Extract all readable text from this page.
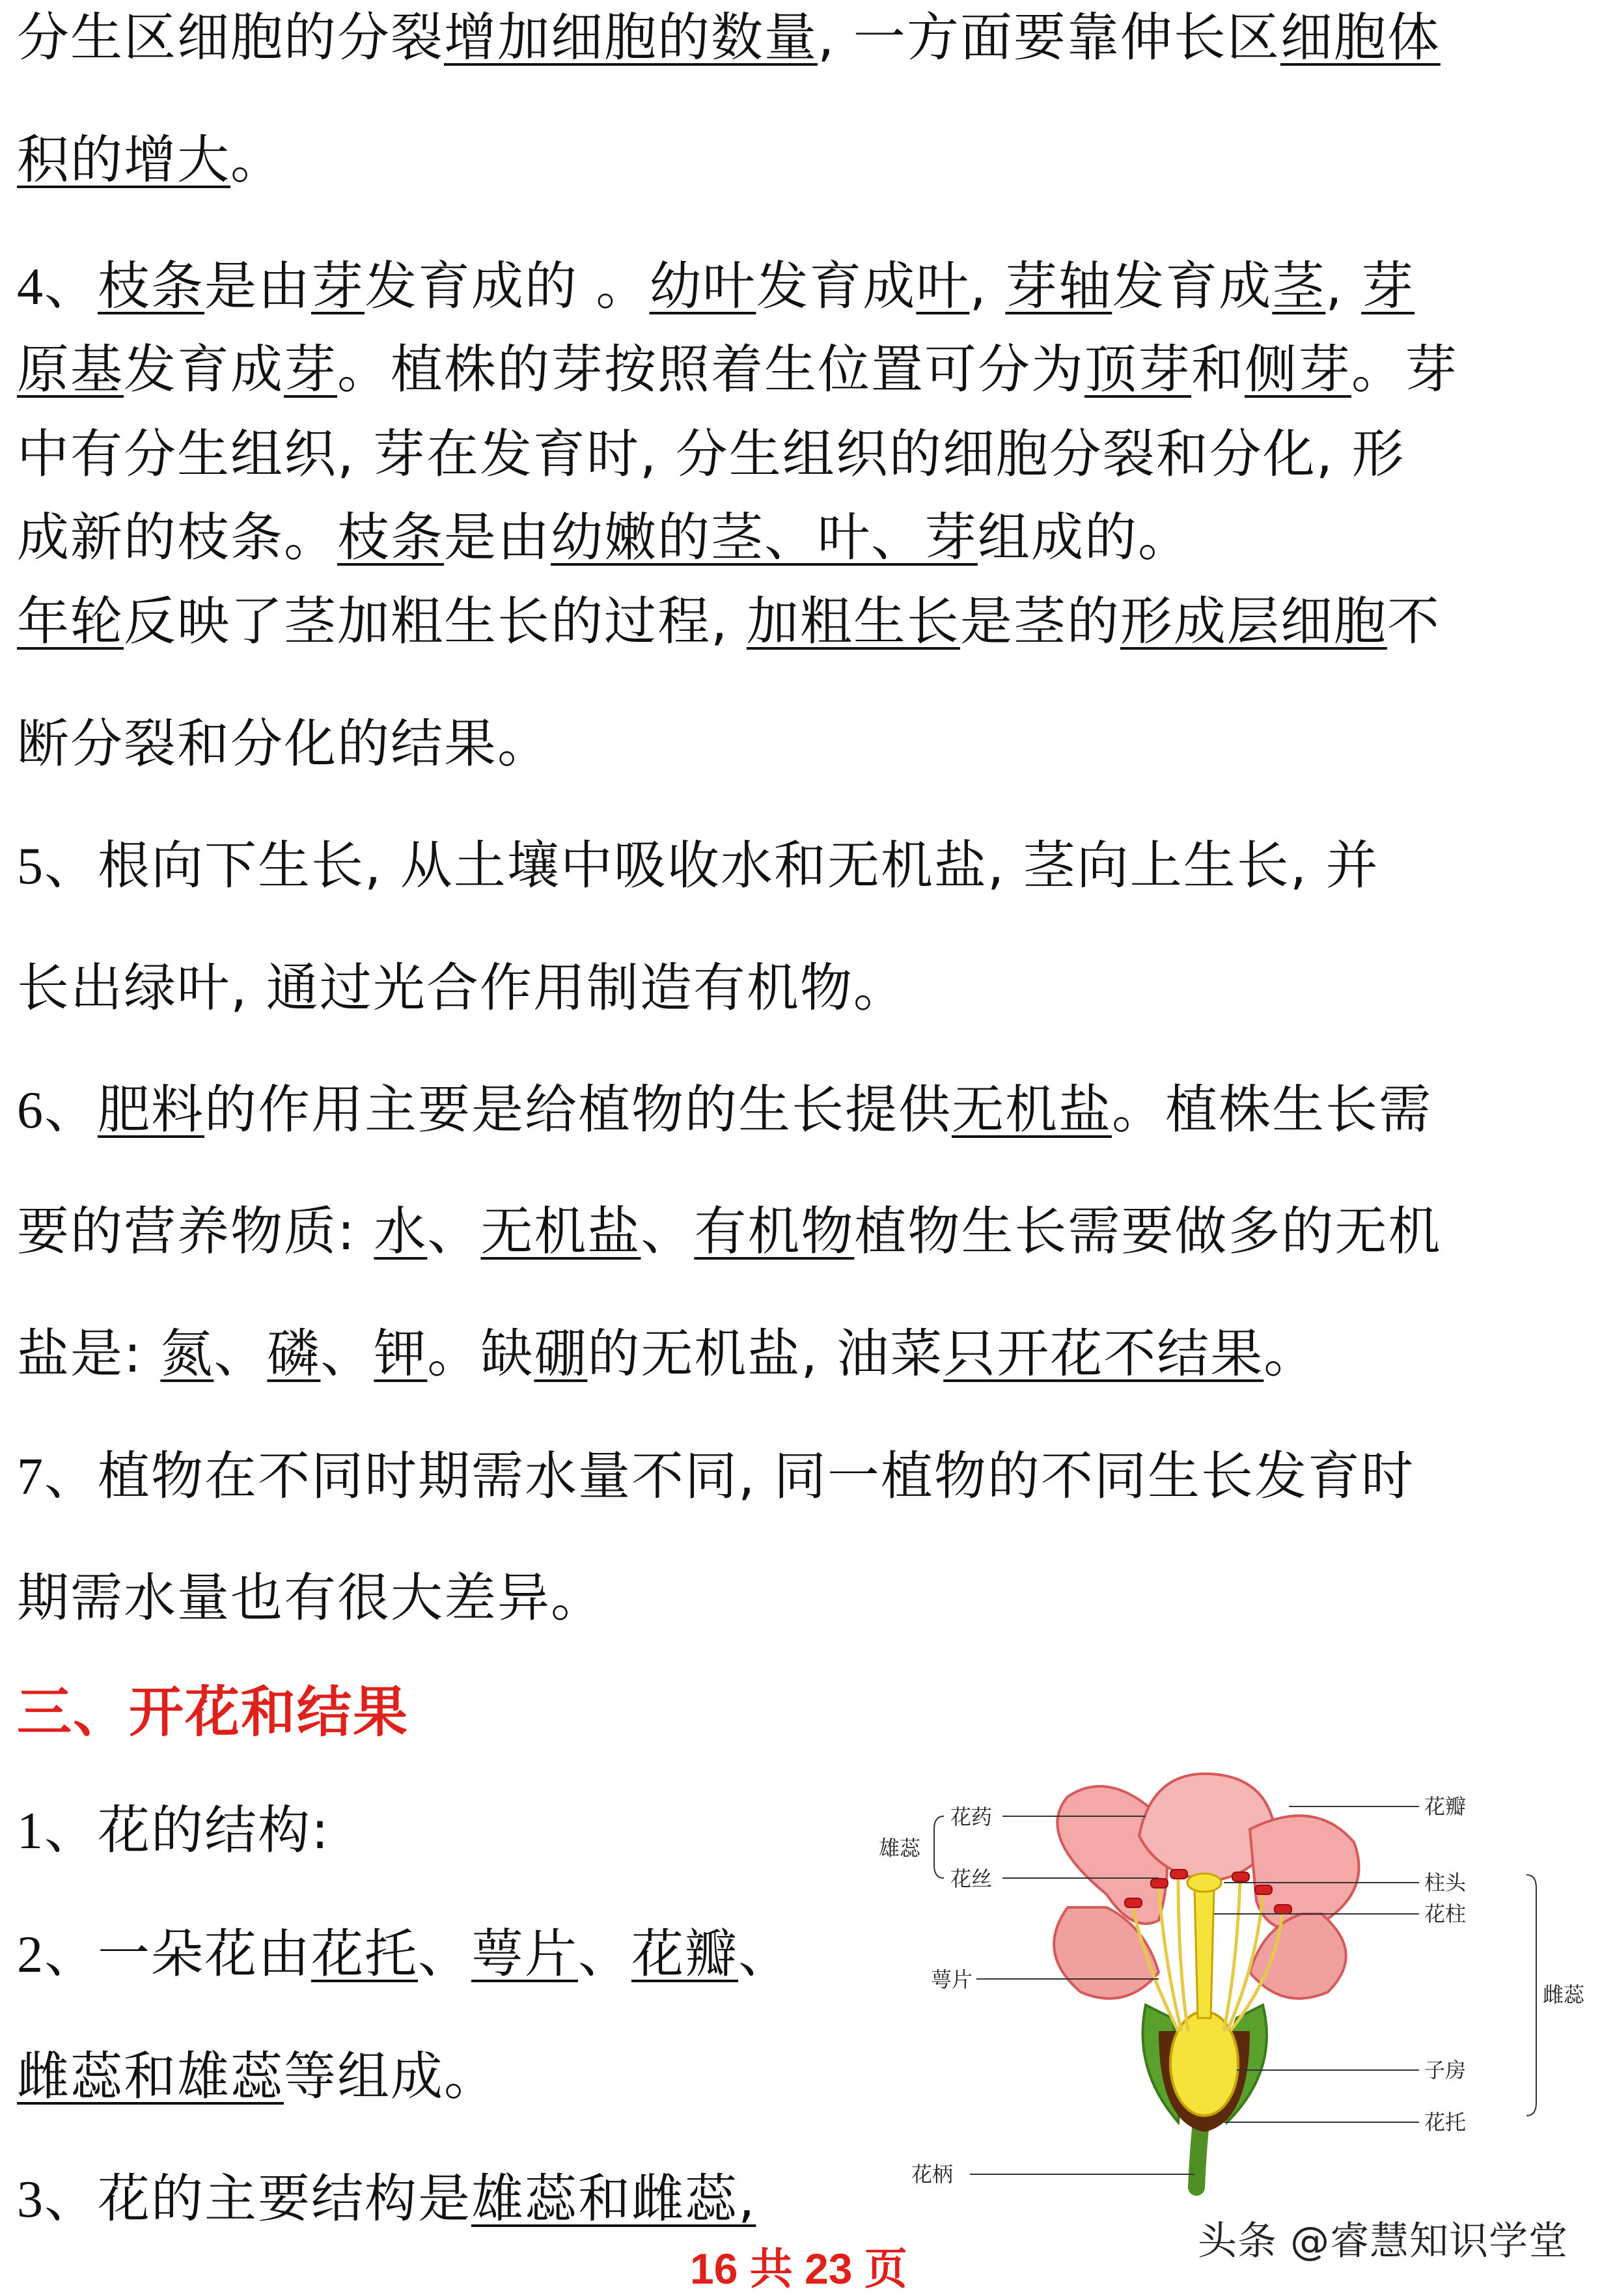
分生区细胞的分裂增加细胞的数量, 一方面要靠伸长区细胞体
积的增大。
4、枝条是由芽发育成的 。幼叶发育成叶, 芽轴发育成茎, 芽
原基发育成芽。植株的芽按照着生位置可分为顶芽和侧芽。芽
中有分生组织, 芽在发育时, 分生组织的细胞分裂和分化, 形
成新的枝条。枝条是由幼嫩的茎、叶、芽组成的。
年轮反映了茎加粗生长的过程, 加粗生长是茎的形成层细胞不
断分裂和分化的结果。
5、根向下生长, 从土壤中吸收水和无机盐, 茎向上生长, 并
长出绿叶, 通过光合作用制造有机物。
6、肥料的作用主要是给植物的生长提供无机盐。植株生长需
要的营养物质: 水、无机盐、有机物植物生长需要做多的无机
盐是: 氮、磷、钾。缺硼的无机盐, 油菜只开花不结果。
7、植物在不同时期需水量不同, 同一植物的不同生长发育时
期需水量也有很大差异。
三、开花和结果
1、花的结构:
2、一朵花由花托、萼片、花瓣、
雌蕊和雄蕊等组成。
3、花的主要结构是雄蕊和雌蕊,
花瓣
花药
雄蕊
花丝	柱头
花柱
雌蕊
萼片
子房
花托
花柄
头条 @睿慧知识学堂
16 共 23 页
